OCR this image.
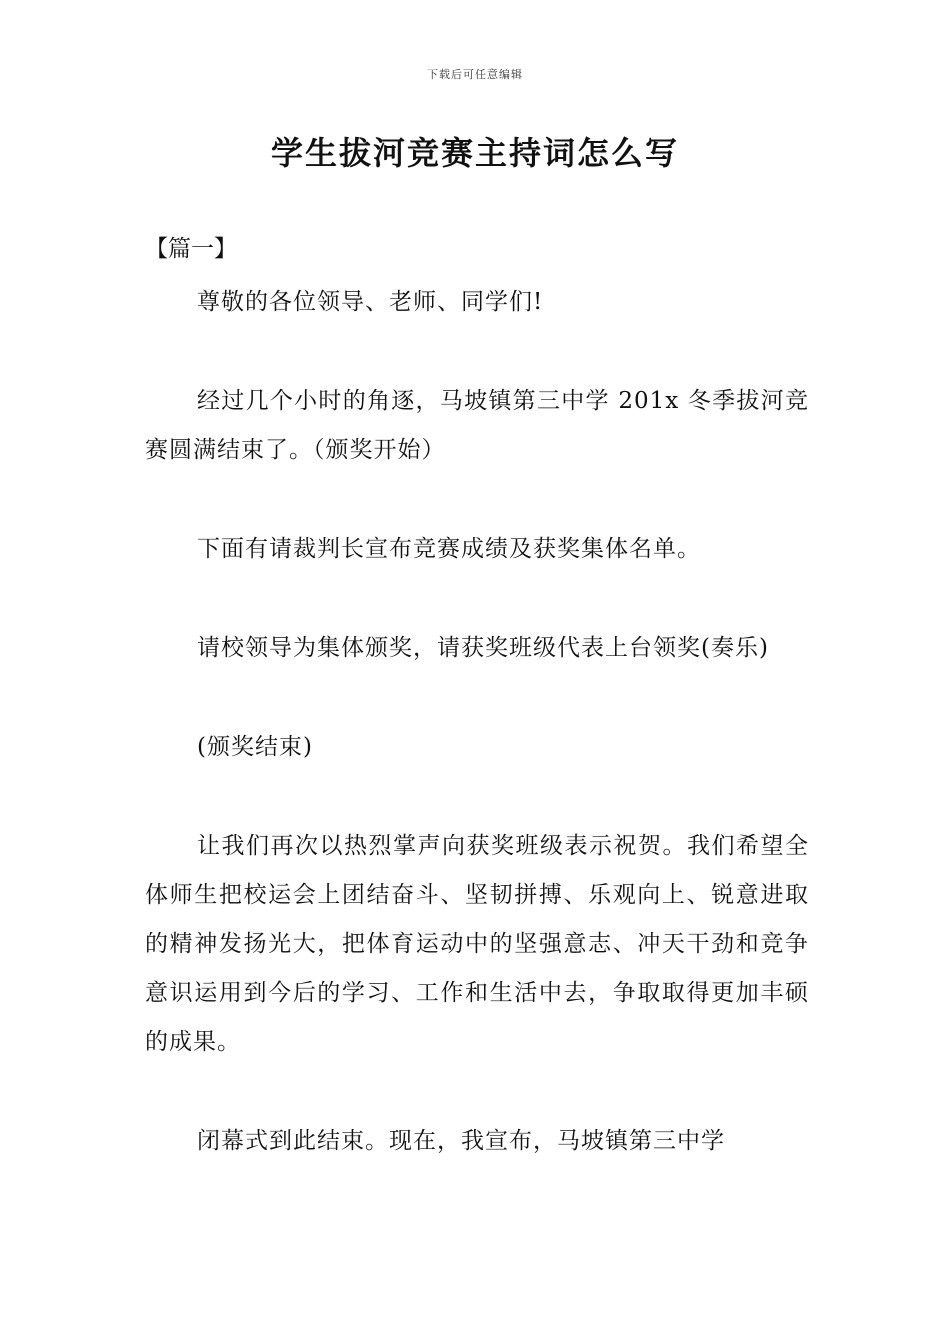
下载后可任意编辑
学生拔河竞赛主持词怎么写

【篇一】

尊敬的各位领导、老师、同学们!

经过几个小时的角逐，马坡镇第三中学 201x 冬季拔河竞赛圆满结束了。（颁奖开始）

下面有请裁判长宣布竞赛成绩及获奖集体名单。

请校领导为集体颁奖，请获奖班级代表上台领奖(奏乐)

(颁奖结束)

让我们再次以热烈掌声向获奖班级表示祝贺。我们希望全体师生把校运会上团结奋斗、坚韧拼搏、乐观向上、锐意进取的精神发扬光大，把体育运动中的坚强意志、冲天干劲和竞争意识运用到今后的学习、工作和生活中去，争取取得更加丰硕的成果。

闭幕式到此结束。现在，我宣布，马坡镇第三中学
